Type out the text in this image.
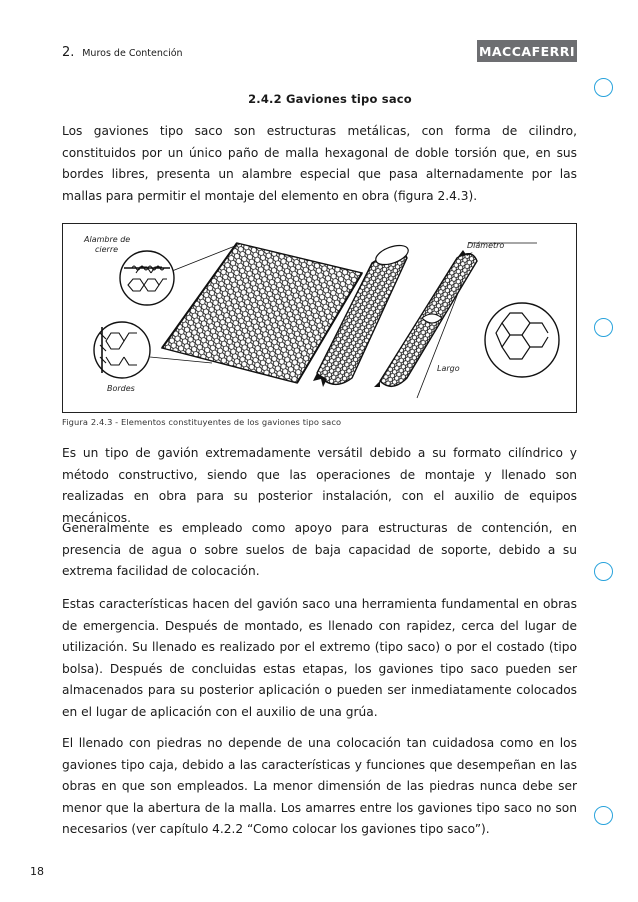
2. Muros de Contención	MACCAFERRI
2.4.2 Gaviones tipo saco
Los gaviones tipo saco son estructuras metálicas, con forma de cilindro, constituidos por un único paño de malla hexagonal de doble torsión que, en sus bordes libres, presenta un alambre especial que pasa alternadamente por las mallas para permitir el montaje del elemento en obra (figura 2.4.3).
Alambre de
cierre
Bordes
Diámetro
Largo
Figura 2.4.3 - Elementos constituyentes de los gaviones tipo saco
Es un tipo de gavión extremadamente versátil debido a su formato cilíndrico y método constructivo, siendo que las operaciones de montaje y llenado son realizadas en obra para su posterior instalación, con el auxilio de equipos mecánicos.
Generalmente es empleado como apoyo para estructuras de contención, en presencia de agua o sobre suelos de baja capacidad de soporte, debido a su extrema facilidad de colocación.
Estas características hacen del gavión saco una herramienta fundamental en obras de emergencia. Después de montado, es llenado con rapidez, cerca del lugar de utilización. Su llenado es realizado por el extremo (tipo saco) o por el costado (tipo bolsa). Después de concluidas estas etapas, los gaviones tipo saco pueden ser almacenados para su posterior aplicación o pueden ser inmediatamente colocados en el lugar de aplicación con el auxilio de una grúa.
El llenado con piedras no depende de una colocación tan cuidadosa como en los gaviones tipo caja, debido a las características y funciones que desempeñan en las obras en que son empleados. La menor dimensión de las piedras nunca debe ser menor que la abertura de la malla. Los amarres entre los gaviones tipo saco no son necesarios (ver capítulo 4.2.2 “Como colocar los gaviones tipo saco”).
18
